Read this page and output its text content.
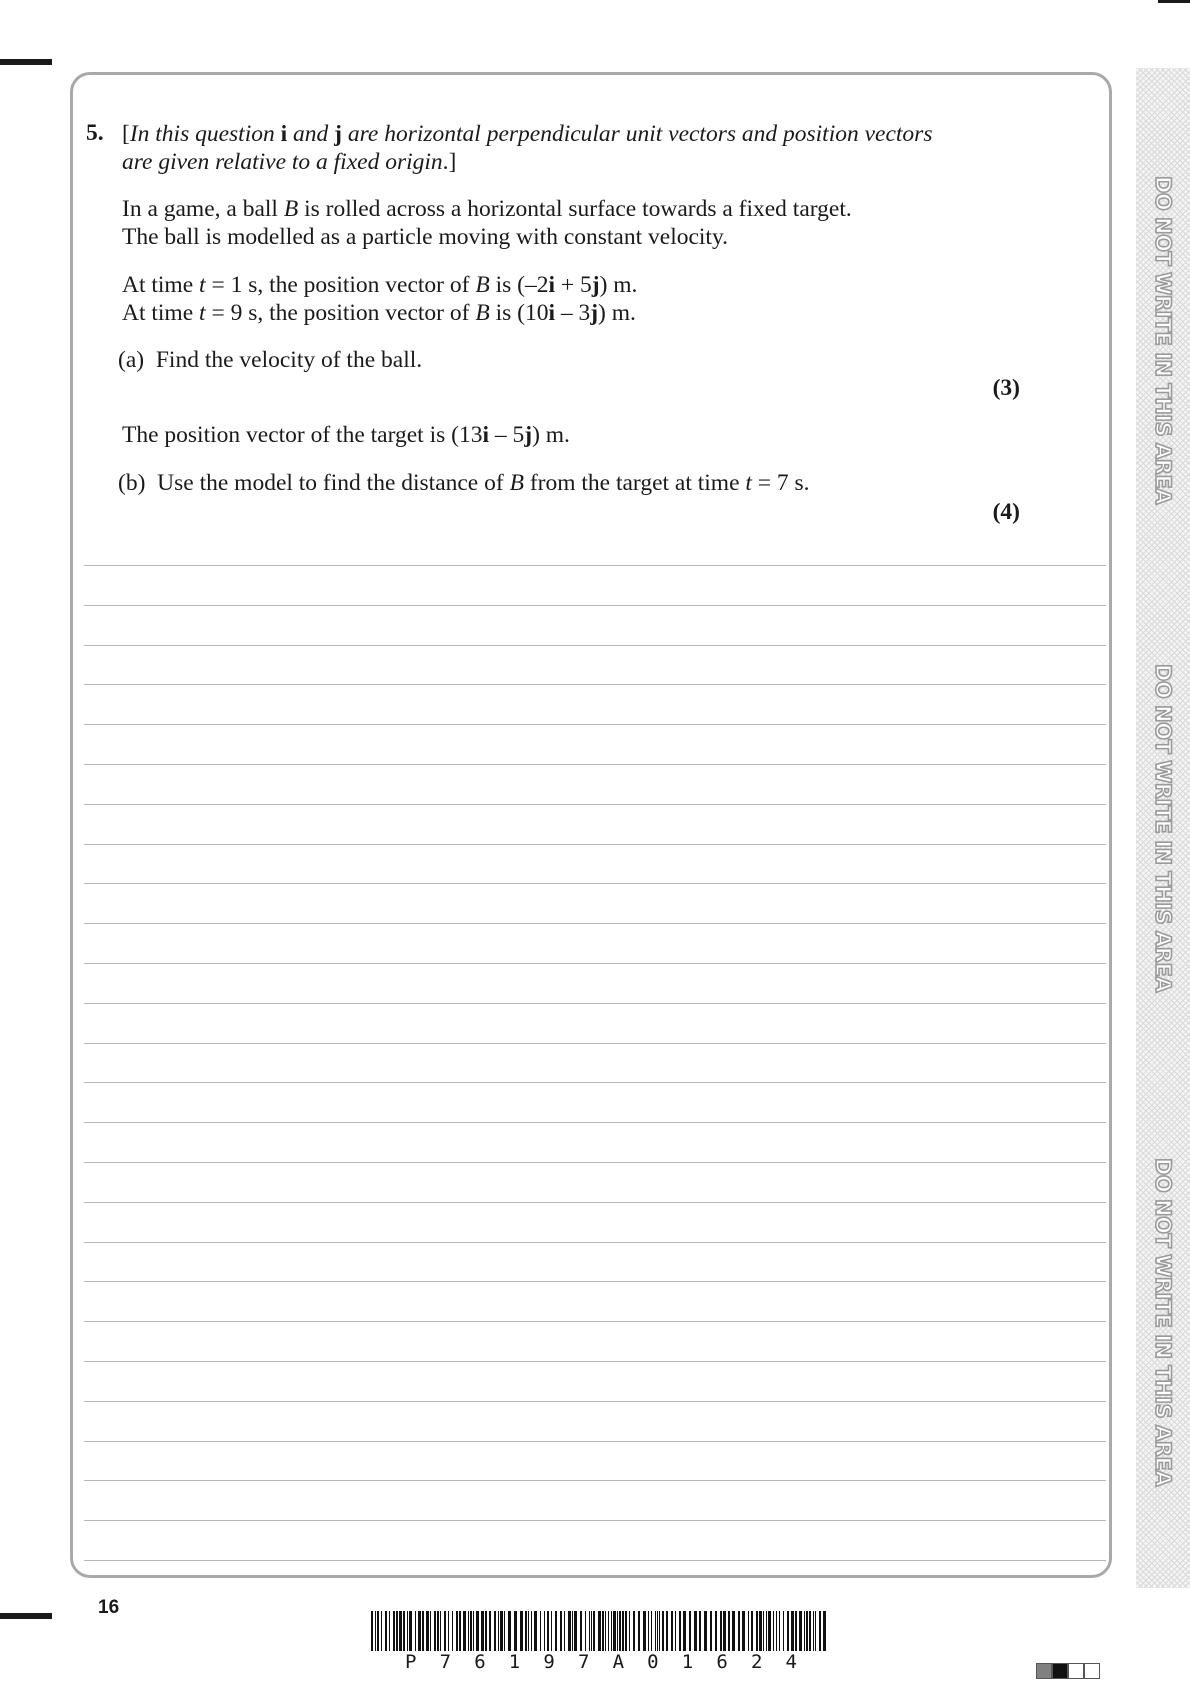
DO NOT WRITE IN THIS AREA
DO NOT WRITE IN THIS AREA
DO NOT WRITE IN THIS AREA
5. [In this question i and j are horizontal perpendicular unit vectors and position vectors
are given relative to a fixed origin.]
In a game, a ball B is rolled across a horizontal surface towards a fixed target.
The ball is modelled as a particle moving with constant velocity.
At time t = 1 s, the position vector of B is (–2i + 5j) m.
At time t = 9 s, the position vector of B is (10i – 3j) m.
(a) Find the velocity of the ball.
(3)
The position vector of the target is (13i – 5j) m.
(b) Use the model to find the distance of B from the target at time t = 7 s.
(4)
16
P 7 6 1 9 7 A 0 1 6 2 4
